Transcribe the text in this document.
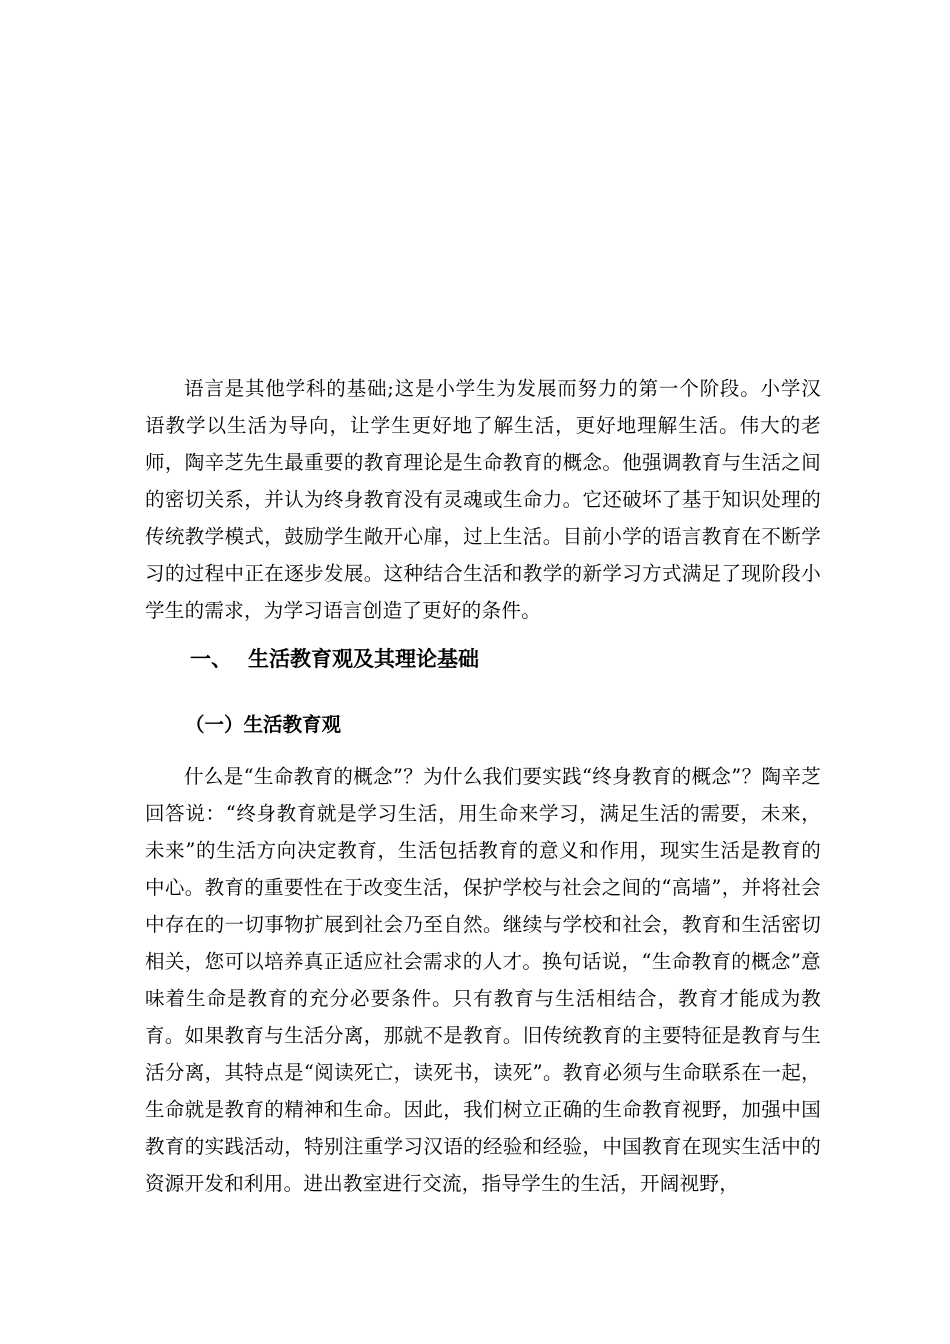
语言是其他学科的基础;这是小学生为发展而努力的第一个阶段。小学汉语教学以生活为导向，让学生更好地了解生活，更好地理解生活。伟大的老师，陶辛芝先生最重要的教育理论是生命教育的概念。他强调教育与生活之间的密切关系，并认为终身教育没有灵魂或生命力。它还破坏了基于知识处理的传统教学模式，鼓励学生敞开心扉，过上生活。目前小学的语言教育在不断学习的过程中正在逐步发展。这种结合生活和教学的新学习方式满足了现阶段小学生的需求，为学习语言创造了更好的条件。

一、 生活教育观及其理论基础
（一）生活教育观

什么是“生命教育的概念”？为什么我们要实践“终身教育的概念”？陶辛芝回答说：“终身教育就是学习生活，用生命来学习，满足生活的需要，未来，未来”的生活方向决定教育，生活包括教育的意义和作用，现实生活是教育的中心。教育的重要性在于改变生活，保护学校与社会之间的“高墙”，并将社会中存在的一切事物扩展到社会乃至自然。继续与学校和社会，教育和生活密切相关，您可以培养真正适应社会需求的人才。换句话说，“生命教育的概念”意味着生命是教育的充分必要条件。只有教育与生活相结合，教育才能成为教育。如果教育与生活分离，那就不是教育。旧传统教育的主要特征是教育与生活分离，其特点是“阅读死亡，读死书，读死”。教育必须与生命联系在一起，生命就是教育的精神和生命。因此，我们树立正确的生命教育视野，加强中国教育的实践活动，特别注重学习汉语的经验和经验，中国教育在现实生活中的资源开发和利用。进出教室进行交流，指导学生的生活，开阔视野，
